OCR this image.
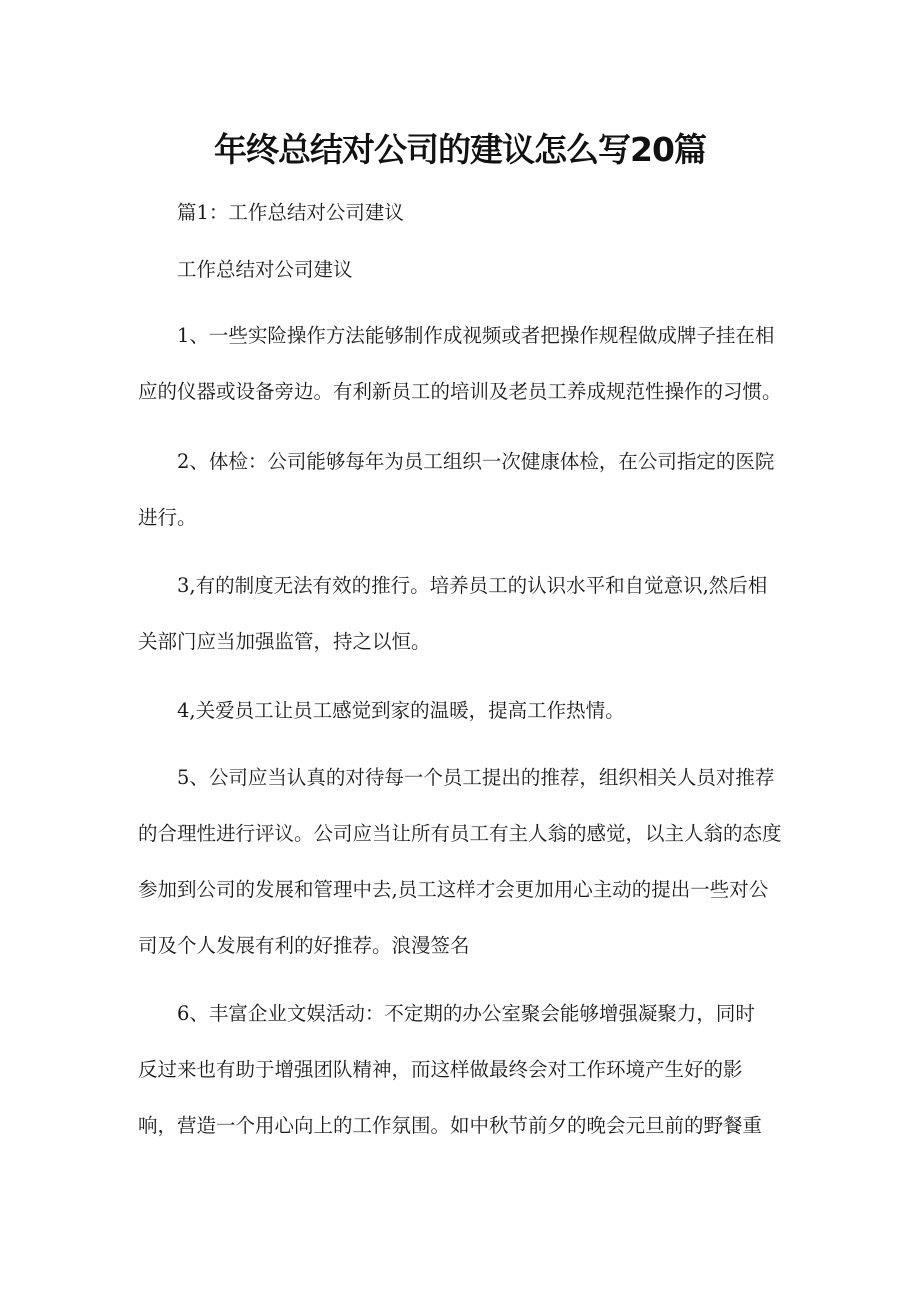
年终总结对公司的建议怎么写20篇
篇1：工作总结对公司建议
工作总结对公司建议
1、一些实险操作方法能够制作成视频或者把操作规程做成牌子挂在相
应的仪器或设备旁边。有利新员工的培训及老员工养成规范性操作的习惯。
2、体检：公司能够每年为员工组织一次健康体检，在公司指定的医院
进行。
3,有的制度无法有效的推行。培养员工的认识水平和自觉意识,然后相
关部门应当加强监管，持之以恒。
4,关爱员工让员工感觉到家的温暖，提高工作热情。
5、公司应当认真的对待每一个员工提出的推荐，组织相关人员对推荐
的合理性进行评议。公司应当让所有员工有主人翁的感觉，以主人翁的态度
参加到公司的发展和管理中去,员工这样才会更加用心主动的提出一些对公
司及个人发展有利的好推荐。浪漫签名
6、丰富企业文娱活动：不定期的办公室聚会能够增强凝聚力，同时
反过来也有助于增强团队精神，而这样做最终会对工作环境产生好的影
响，营造一个用心向上的工作氛围。如中秋节前夕的晚会元旦前的野餐重
